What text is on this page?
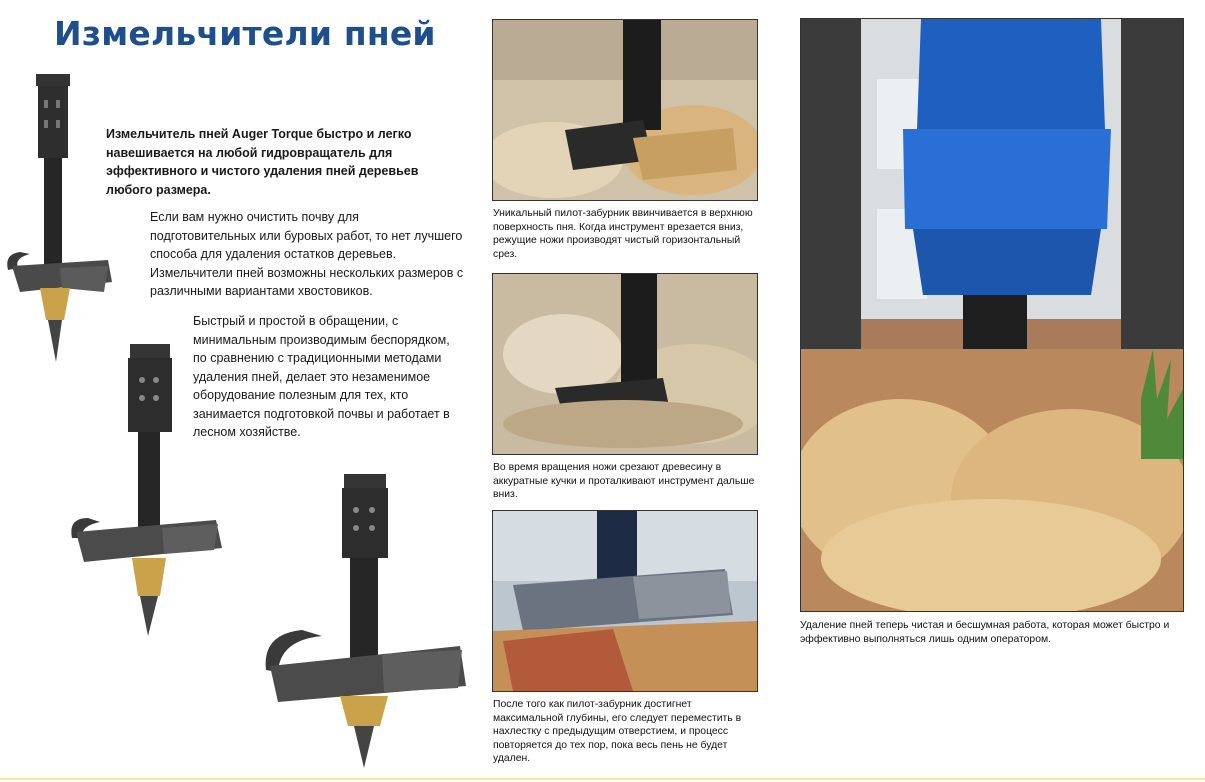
Измельчители пней

Измельчитель пней Auger Torque быстро и легко навешивается на любой гидровращатель для эффективного и чистого удаления пней деревьев любого размера.

Если вам нужно очистить почву для подготовительных или буровых работ, то нет лучшего способа для удаления остатков деревьев. Измельчители пней возможны нескольких размеров с различными вариантами хвостовиков.

Быстрый и простой в обращении, с минимальным производимым беспорядком, по сравнению с традиционными методами удаления пней, делает это незаменимое оборудование полезным для тех, кто занимается подготовкой почвы и работает в лесном хозяйстве.

Уникальный пилот-забурник ввинчивается в верхнюю поверхность пня. Когда инструмент врезается вниз, режущие ножи производят чистый горизонтальный срез.

Во время вращения ножи срезают древесину в аккуратные кучки и проталкивают инструмент дальше вниз.

После того как пилот-забурник достигнет максимальной глубины, его следует переместить в нахлестку с предыдущим отверстием, и процесс повторяется до тех пор, пока весь пень не будет удален.

Удаление пней теперь чистая и бесшумная работа, которая может быстро и эффективно выполняться лишь одним оператором.
